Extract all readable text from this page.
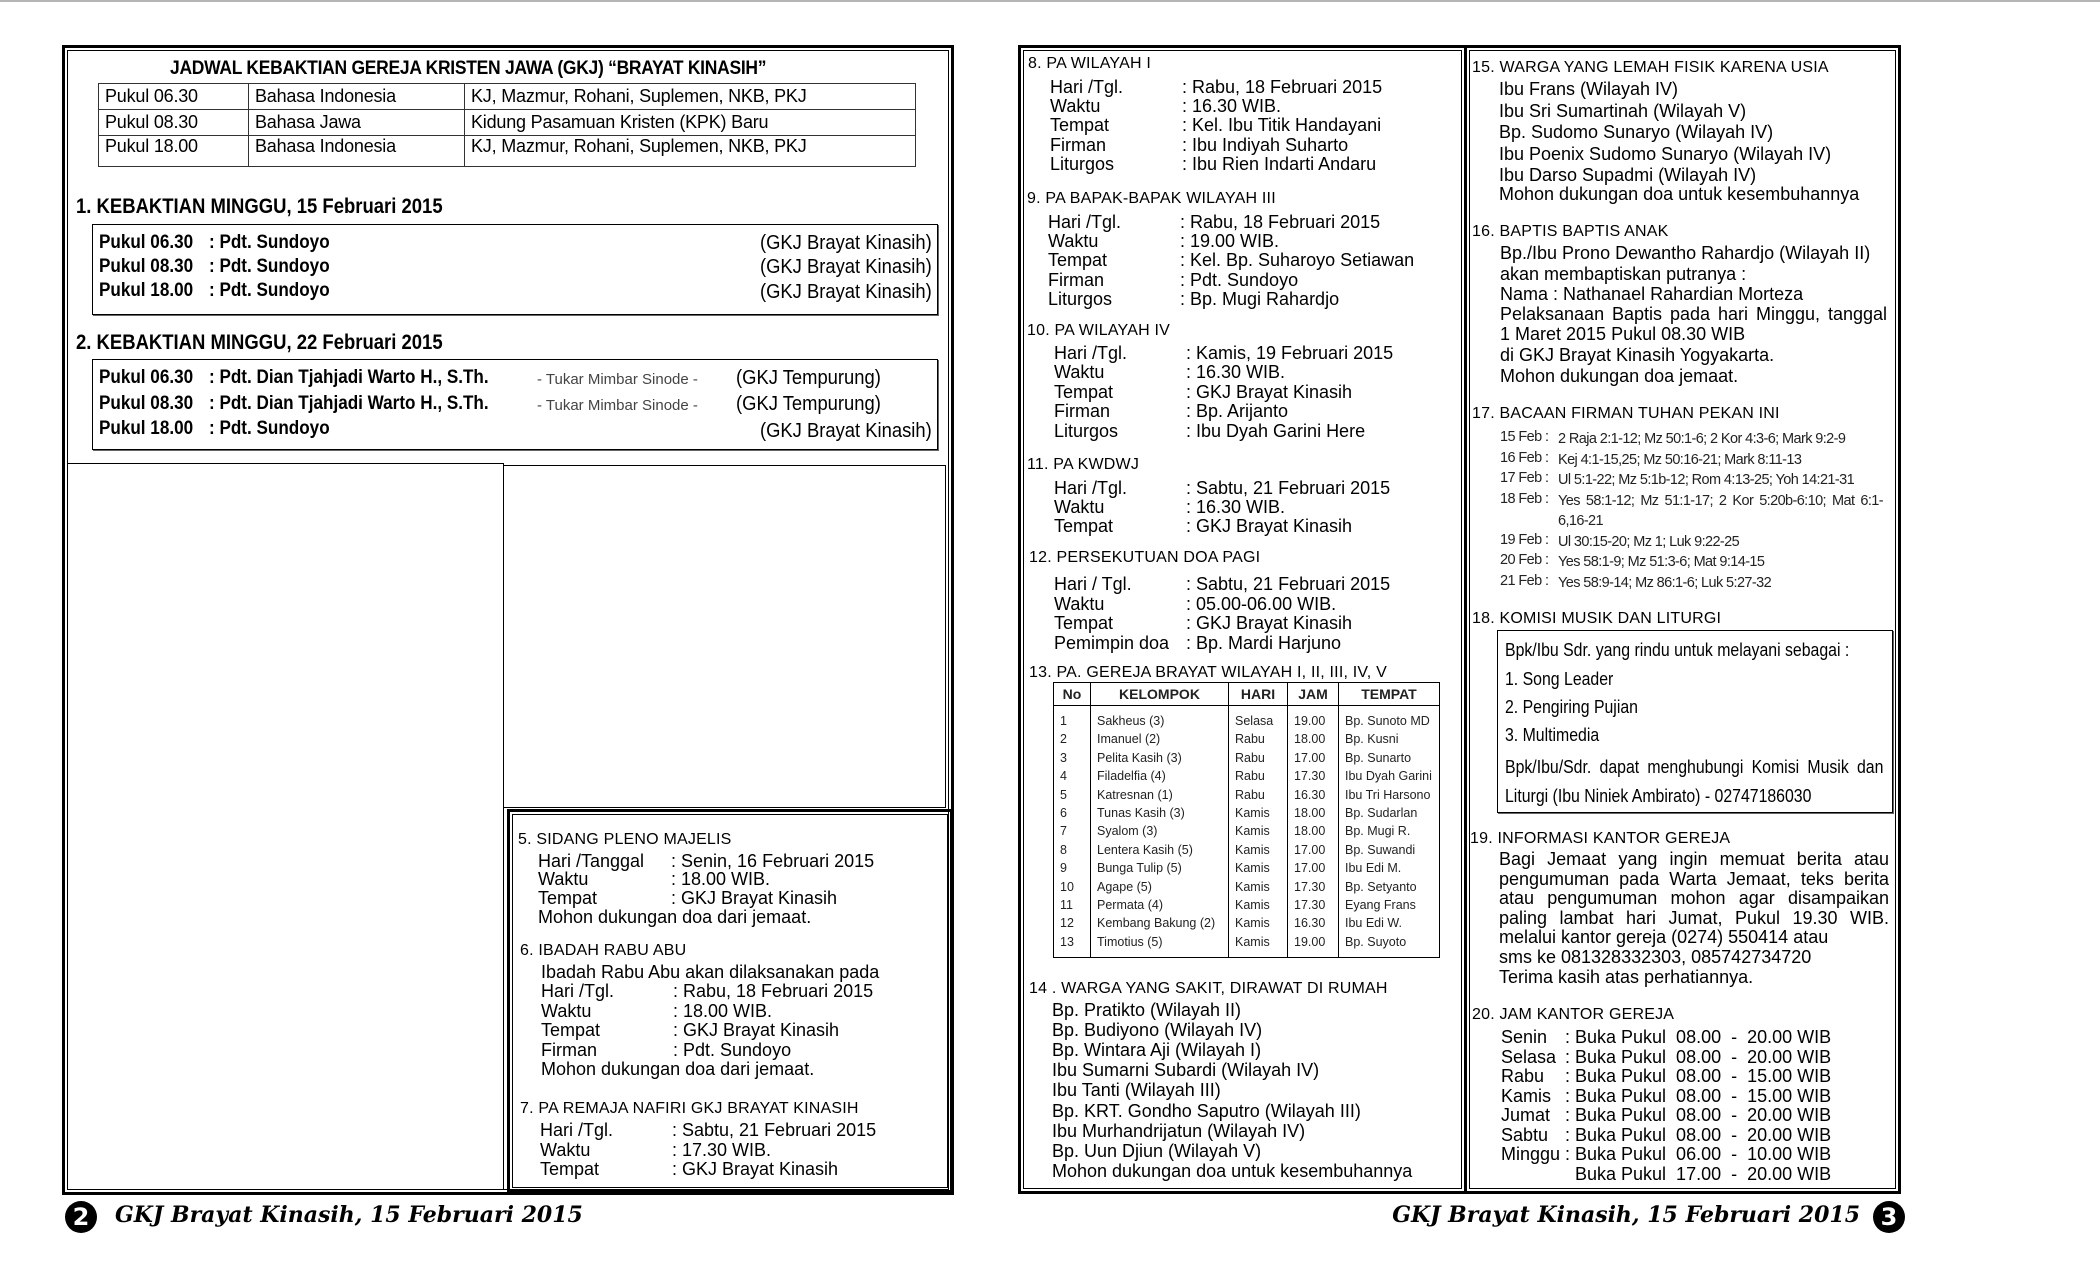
JADWAL KEBAKTIAN GEREJA KRISTEN JAWA (GKJ) “BRAYAT KINASIH”
Pukul 06.30	Bahasa Indonesia	KJ, Mazmur, Rohani, Suplemen, NKB, PKJ
Pukul 08.30	Bahasa Jawa	Kidung Pasamuan Kristen (KPK) Baru
Pukul 18.00	Bahasa Indonesia	KJ, Mazmur, Rohani, Suplemen, NKB, PKJ
1. KEBAKTIAN MINGGU, 15 Februari 2015
Pukul 06.30 : Pdt. Sundoyo	(GKJ Brayat Kinasih)
Pukul 08.30 : Pdt. Sundoyo	(GKJ Brayat Kinasih)
Pukul 18.00 : Pdt. Sundoyo	(GKJ Brayat Kinasih)
2. KEBAKTIAN MINGGU, 22 Februari 2015
Pukul 06.30 : Pdt. Dian Tjahjadi Warto H., S.Th.	- Tukar Mimbar Sinode - (GKJ Tempurung)
Pukul 08.30 : Pdt. Dian Tjahjadi Warto H., S.Th.	- Tukar Mimbar Sinode - (GKJ Tempurung)
Pukul 18.00 : Pdt. Sundoyo	(GKJ Brayat Kinasih)
5. SIDANG PLENO MAJELIS
Hari /Tanggal : Senin, 16 Februari 2015
Waktu	: 18.00 WIB.
Tempat	: GKJ Brayat Kinasih
Mohon dukungan doa dari jemaat.
6. IBADAH RABU ABU
Ibadah Rabu Abu akan dilaksanakan pada
Hari /Tgl.	: Rabu, 18 Februari 2015
Waktu	: 18.00 WIB.
Tempat	: GKJ Brayat Kinasih
Firman	: Pdt. Sundoyo
Mohon dukungan doa dari jemaat.
7. PA REMAJA NAFIRI GKJ BRAYAT KINASIH
Hari /Tgl.	: Sabtu, 21 Februari 2015
Waktu	: 17.30 WIB.
Tempat	: GKJ Brayat Kinasih
2	GKJ Brayat Kinasih, 15 Februari 2015
8. PA WILAYAH I
Hari /Tgl.	: Rabu, 18 Februari 2015
Waktu	: 16.30 WIB.
Tempat	: Kel. Ibu Titik Handayani
Firman	: Ibu Indiyah Suharto
Liturgos	: Ibu Rien Indarti Andaru
9. PA BAPAK-BAPAK WILAYAH III
Hari /Tgl.	: Rabu, 18 Februari 2015
Waktu	: 19.00 WIB.
Tempat	: Kel. Bp. Suharoyo Setiawan
Firman	: Pdt. Sundoyo
Liturgos	: Bp. Mugi Rahardjo
10. PA WILAYAH IV
Hari /Tgl.	: Kamis, 19 Februari 2015
Waktu	: 16.30 WIB.
Tempat	: GKJ Brayat Kinasih
Firman	: Bp. Arijanto
Liturgos	: Ibu Dyah Garini Here
11. PA KWDWJ
Hari /Tgl.	: Sabtu, 21 Februari 2015
Waktu	: 16.30 WIB.
Tempat	: GKJ Brayat Kinasih
12. PERSEKUTUAN DOA PAGI
Hari / Tgl.	: Sabtu, 21 Februari 2015
Waktu	: 05.00-06.00 WIB.
Tempat	: GKJ Brayat Kinasih
Pemimpin doa : Bp. Mardi Harjuno
13. PA. GEREJA BRAYAT WILAYAH I, II, III, IV, V
No	KELOMPOK	HARI	JAM	TEMPAT
1	Sakheus (3)	Selasa	19.00	Bp. Sunoto MD
2	Imanuel (2)	Rabu	18.00	Bp. Kusni
3	Pelita Kasih (3)	Rabu	17.00	Bp. Sunarto
4	Filadelfia (4)	Rabu	17.30	Ibu Dyah Garini
5	Katresnan (1)	Rabu	16.30	Ibu Tri Harsono
6	Tunas Kasih (3)	Kamis	18.00	Bp. Sudarlan
7	Syalom (3)	Kamis	18.00	Bp. Mugi R.
8	Lentera Kasih (5)	Kamis	17.00	Bp. Suwandi
9	Bunga Tulip (5)	Kamis	17.00	Ibu Edi M.
10	Agape (5)	Kamis	17.30	Bp. Setyanto
11	Permata (4)	Kamis	17.30	Eyang Frans
12	Kembang Bakung (2)	Kamis	16.30	Ibu Edi W.
13	Timotius (5)	Kamis	19.00	Bp. Suyoto
14 . WARGA YANG SAKIT, DIRAWAT DI RUMAH
Bp. Pratikto (Wilayah II)
Bp. Budiyono (Wilayah IV)
Bp. Wintara Aji (Wilayah I)
Ibu Sumarni Subardi (Wilayah IV)
Ibu Tanti (Wilayah III)
Bp. KRT. Gondho Saputro (Wilayah III)
Ibu Murhandrijatun (Wilayah IV)
Bp. Uun Djiun (Wilayah V)
Mohon dukungan doa untuk kesembuhannya
15. WARGA YANG LEMAH FISIK KARENA USIA
Ibu Frans (Wilayah IV)
Ibu Sri Sumartinah (Wilayah V)
Bp. Sudomo Sunaryo (Wilayah IV)
Ibu Poenix Sudomo Sunaryo (Wilayah IV)
Ibu Darso Supadmi (Wilayah IV)
Mohon dukungan doa untuk kesembuhannya
16. BAPTIS BAPTIS ANAK
Bp./Ibu Prono Dewantho Rahardjo (Wilayah II)
akan membaptiskan putranya :
Nama : Nathanael Rahardian Morteza
Pelaksanaan Baptis pada hari Minggu, tanggal 1 Maret 2015 Pukul 08.30 WIB
di GKJ Brayat Kinasih Yogyakarta.
Mohon dukungan doa jemaat.
17. BACAAN FIRMAN TUHAN PEKAN INI
15 Feb : 2 Raja 2:1-12; Mz 50:1-6; 2 Kor 4:3-6; Mark 9:2-9
16 Feb : Kej 4:1-15,25; Mz 50:16-21; Mark 8:11-13
17 Feb : Ul 5:1-22; Mz 5:1b-12; Rom 4:13-25; Yoh 14:21-31
18 Feb : Yes 58:1-12; Mz 51:1-17; 2 Kor 5:20b-6:10; Mat 6:1-6,16-21
19 Feb : Ul 30:15-20; Mz 1; Luk 9:22-25
20 Feb : Yes 58:1-9; Mz 51:3-6; Mat 9:14-15
21 Feb : Yes 58:9-14; Mz 86:1-6; Luk 5:27-32
18. KOMISI MUSIK DAN LITURGI
Bpk/Ibu Sdr. yang rindu untuk melayani sebagai :
1. Song Leader
2. Pengiring Pujian
3. Multimedia
Bpk/Ibu/Sdr. dapat menghubungi Komisi Musik dan Liturgi (Ibu Niniek Ambirato) - 02747186030
19. INFORMASI KANTOR GEREJA
Bagi Jemaat yang ingin memuat berita atau pengumuman pada Warta Jemaat, teks berita atau pengumuman mohon agar disampaikan paling lambat hari Jumat, Pukul 19.30 WIB. melalui kantor gereja (0274) 550414 atau
sms ke 081328332303, 085742734720
Terima kasih atas perhatiannya.
20. JAM KANTOR GEREJA
Senin : Buka Pukul  08.00  -  20.00 WIB
Selasa : Buka Pukul  08.00  -  20.00 WIB
Rabu : Buka Pukul  08.00  -  15.00 WIB
Kamis : Buka Pukul  08.00  -  15.00 WIB
Jumat : Buka Pukul  08.00  -  20.00 WIB
Sabtu : Buka Pukul  08.00  -  20.00 WIB
Minggu : Buka Pukul  06.00  -  10.00 WIB
Buka Pukul  17.00  -  20.00 WIB
GKJ Brayat Kinasih, 15 Februari 2015 3
